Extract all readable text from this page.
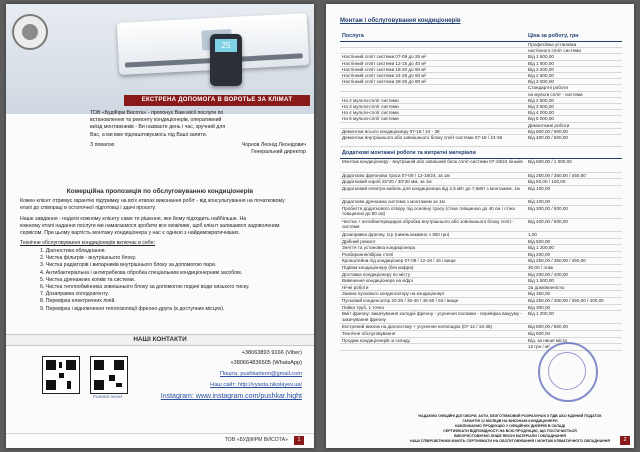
25
ЕКСТРЕНА ДОПОМОГА В ВОРОТЬЕ ЗА КЛІМАТ
ТОВ «БудФірм Висота» - пропонує Вам місії послуги по
встановленню та ремонту кондиціонерів, оперативний
виїзд монтажників - Ви назваєте день і час, зручний для
Вас, а ми вже підлаштовуємось під Ваші запити.
З повагою	Чорнов Леонід Леонідович
Генеральний директор
Комерційна пропозиція по обслуговуванню кондиціонерів
Кожен клієнт отримує гарантію підтримку на всіх етапах виконання робіт - від консультування на початковому
етапі до співпраці в остаточної підготовці і здачі проєкту.
Наше завдання - надати кожному клієнту саме те рішення, яке йому підходить найбільше. На
кожному етапі надання послуги ми намагаємося зробити все можливе, щоб клієнт залишився задоволеним
сервісом. При цьому вартість монтажу кондиціонера у нас є однією з найдемократичніших.
Технічне обслуговування кондиціонерів включає в себе:
1. Діагностика обладнання.
2. Чистка фільтрів - внутрішнього блоку.
3. Чистка радіаторів і випарників внутрішнього блоку за допомогою пари.
4. Антибактеріальна і антигрибкова обробка спеціальним кондиціонерним засобом.
5. Чистка дренажних копків та системи.
6. Чистка теплообмінника зовнішнього блоку за допомогою подачі води низького тиску.
7. Дозаправка холодоагенту.
8. Перевірка електричних ліній.
9. Перевірка і відновлення теплоізоляції фреоно-друга (в доступних місцях).
НАШІ КОНТАКТИ
PUSHKE.HIGHT
+38063893 9166 (Viber)
+380664836505 (WhatsApp)
Пошта: pushkarleon@gmail.com
Наш сайт: http://vysota.nikolayev.ua/
Instagram: www.instagram.com/pushkar.hight
ТОВ «БУДФІРМ ВИСОТА»	1
Монтаж і обслуговування кондиціонерів
Послуга	Ціна за роботу, грн
Професійна установка
настінного спліт системи
Настінний спліт системи 07-09 до 25 м²	Від 1 600,00
Настінний спліт системи 12-15 до 40 м²	Від 1 800,00
Настінний спліт системи 18-20 до 50 м²	Від 2 200,00
Настінний спліт системи 24-28 до 60 м²	Від 2 500,00
Настінний спліт системи 28-36 до 80 м²	Від 3 000,00
Стандартні роботи
на мульти спліт - системи
На 2 мульти-спліт системи	Від 2 500,00
На 3 мульти-спліт системи	Від 3 500,00
На 4 мульти-спліт системи	Від 4 000,00
На 5 мульти-спліт системи	Від 5 000,00
Демонтажні роботи
Демонтаж всього кондиціонеру 07-18 / 24 - 36	Від 600,00 / 900,00
Демонтаж внутрішнього або зовнішнього блоку спліт-системи 07-18 / 24-36	Від 400,00 / 600,00
Додаткові монтажні роботи та витратні матеріали
Монтаж кондиціонеру - внутрішній або зовнішній блок спліт-системи 07-18/24 ліньків Від 600,00 / 1 000,00
Додаткова фреонова траса 07-09 / 12-18/24, за 1м	Від 250,00 / 350,00 / 450,00
Додатковий короб 20*20 / 30*30 мм, за 1м	Від 50,00 / 100,00
Додатковий електро-кабель для кондиціонера від 2,5 кВт до 7,5кВт з монтажем, 1м	Від 100,00
Додаткова дренажна система з монтажем за 1м	Від 100,00
Пробиття додаткового отвору під основну трасу (стіна товщиною до 40 см / стіна товщиною до 80 см)
Від 300,00 / 500,00
Чистка + антибактерицидна обробка внутрішнього або зовнішнього блоку спліт-системи
Від 400,00 / 600,00
Дозаправка фреону, 1гр (нижньлакимно з 300 грн)	1,00
Дрібний ремонт	Від 500,00
Зняття та установка кондиціонера	Від 1 200,00
Розбирання/збірка стелі	Від 200,00
Кронштейни під кондиціонер 07-09 / 12-18 / 16 і вище	Від 250,00 / 350,00 / 450,00
Підйом кондиціонеру (без кифра)	30,00 / этаж
Доставка кондиціонеру по місту	Від 200,00 / 400,00
Вивезення кондиціонера на кіфрі	Від 1 500,00
Нічні роботи	За домовленістю
Заміна пускового конденсатору на кондиціонері	Від 350,00
Пусковий конденсатор 20-30 / 35-40 / 45-50 / 50 і вище	Від 250,00 / 300,00 / 350,00 / 400,00
Пайка труб, 1 точка	Від 300,00
Вміт фреону: викачування холодні фреону - усунення поломки - перевірка вакууму - закачування фреону
Від 1 200,00
Екстрений виклик на діагностику + усунення неполадок (07-12 / 15-36)	Від 600,00 / 800,00
Технічне обслуговування	Від 600,00
Продаж кондиціонерів зі складу.	Від. за нише міста
12 грн / м²
НАДАЄМО ОФІЦІЙНІ ДОГОВОРИ, АКТИ, БЕЗГОТІВКОВИЙ РОЗРАХУНОК З ПДВ АБО ЄДИНИЙ ПОДАТОК
ГАРАНТІЯ 12 МІСЯЦІВ НА ВИКОНАНІ КОНДИЦІОНЕРИ
НАБЛИЖАЄМО ПРОДУКЦІЮ У ОФІЦІЙНИХ ДИЛЕРІВ В СКЛАДІ
СЕРТИФІКАТИ ВІДПОВІДНОСТІ НА ВСЮ ПРОДУКЦІЮ, ЩО ПОСТАЧАЄТЬСЯ
ВИКОРИСТОВУЄМО ЛИШЕ ЯКІСНІ МАТЕРІАЛИ І ОБЛАДНАННЯ
НАШІ СПІВРОБІТНИКИ МАЮТЬ СЕРТИФІКАТИ НА ОБСЛУГОВУВАННЯ І МОНТАЖ КЛІМАТИЧНОГО ОБЛАДНАННЯ	2
